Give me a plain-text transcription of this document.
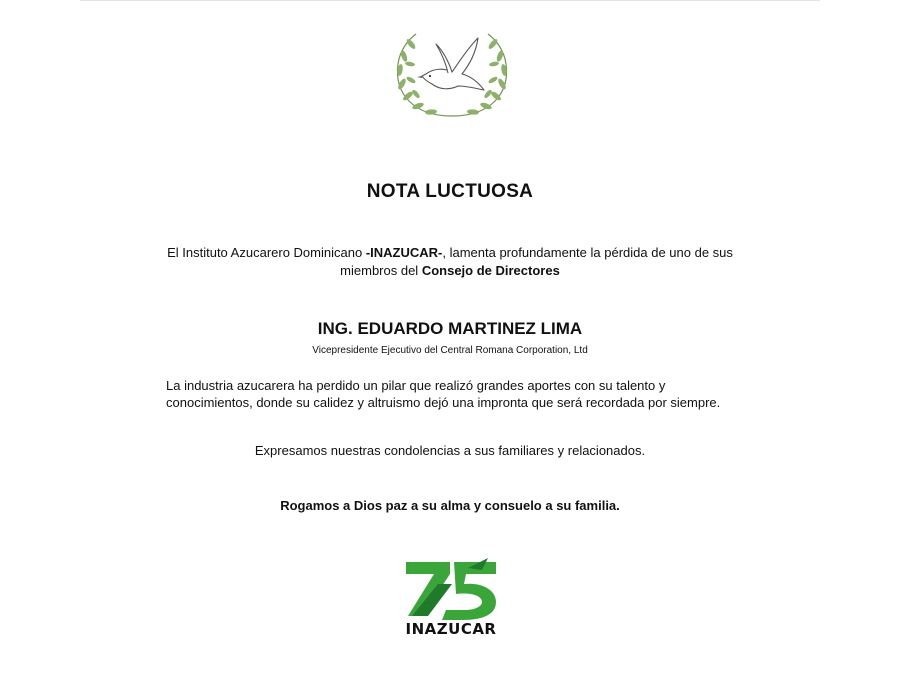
NOTA LUCTUOSA
El Instituto Azucarero Dominicano -INAZUCAR-, lamenta profundamente la pérdida de uno de sus miembros del Consejo de Directores
ING. EDUARDO MARTINEZ LIMA
Vicepresidente Ejecutivo del Central Romana Corporation, Ltd
La industria azucarera ha perdido un pilar que realizó grandes aportes con su talento y conocimientos, donde su calidez y altruismo dejó una impronta que será recordada por siempre.
Expresamos nuestras condolencias a sus familiares y relacionados.
Rogamos a Dios paz a su alma y consuelo a su familia.
INAZUCAR
